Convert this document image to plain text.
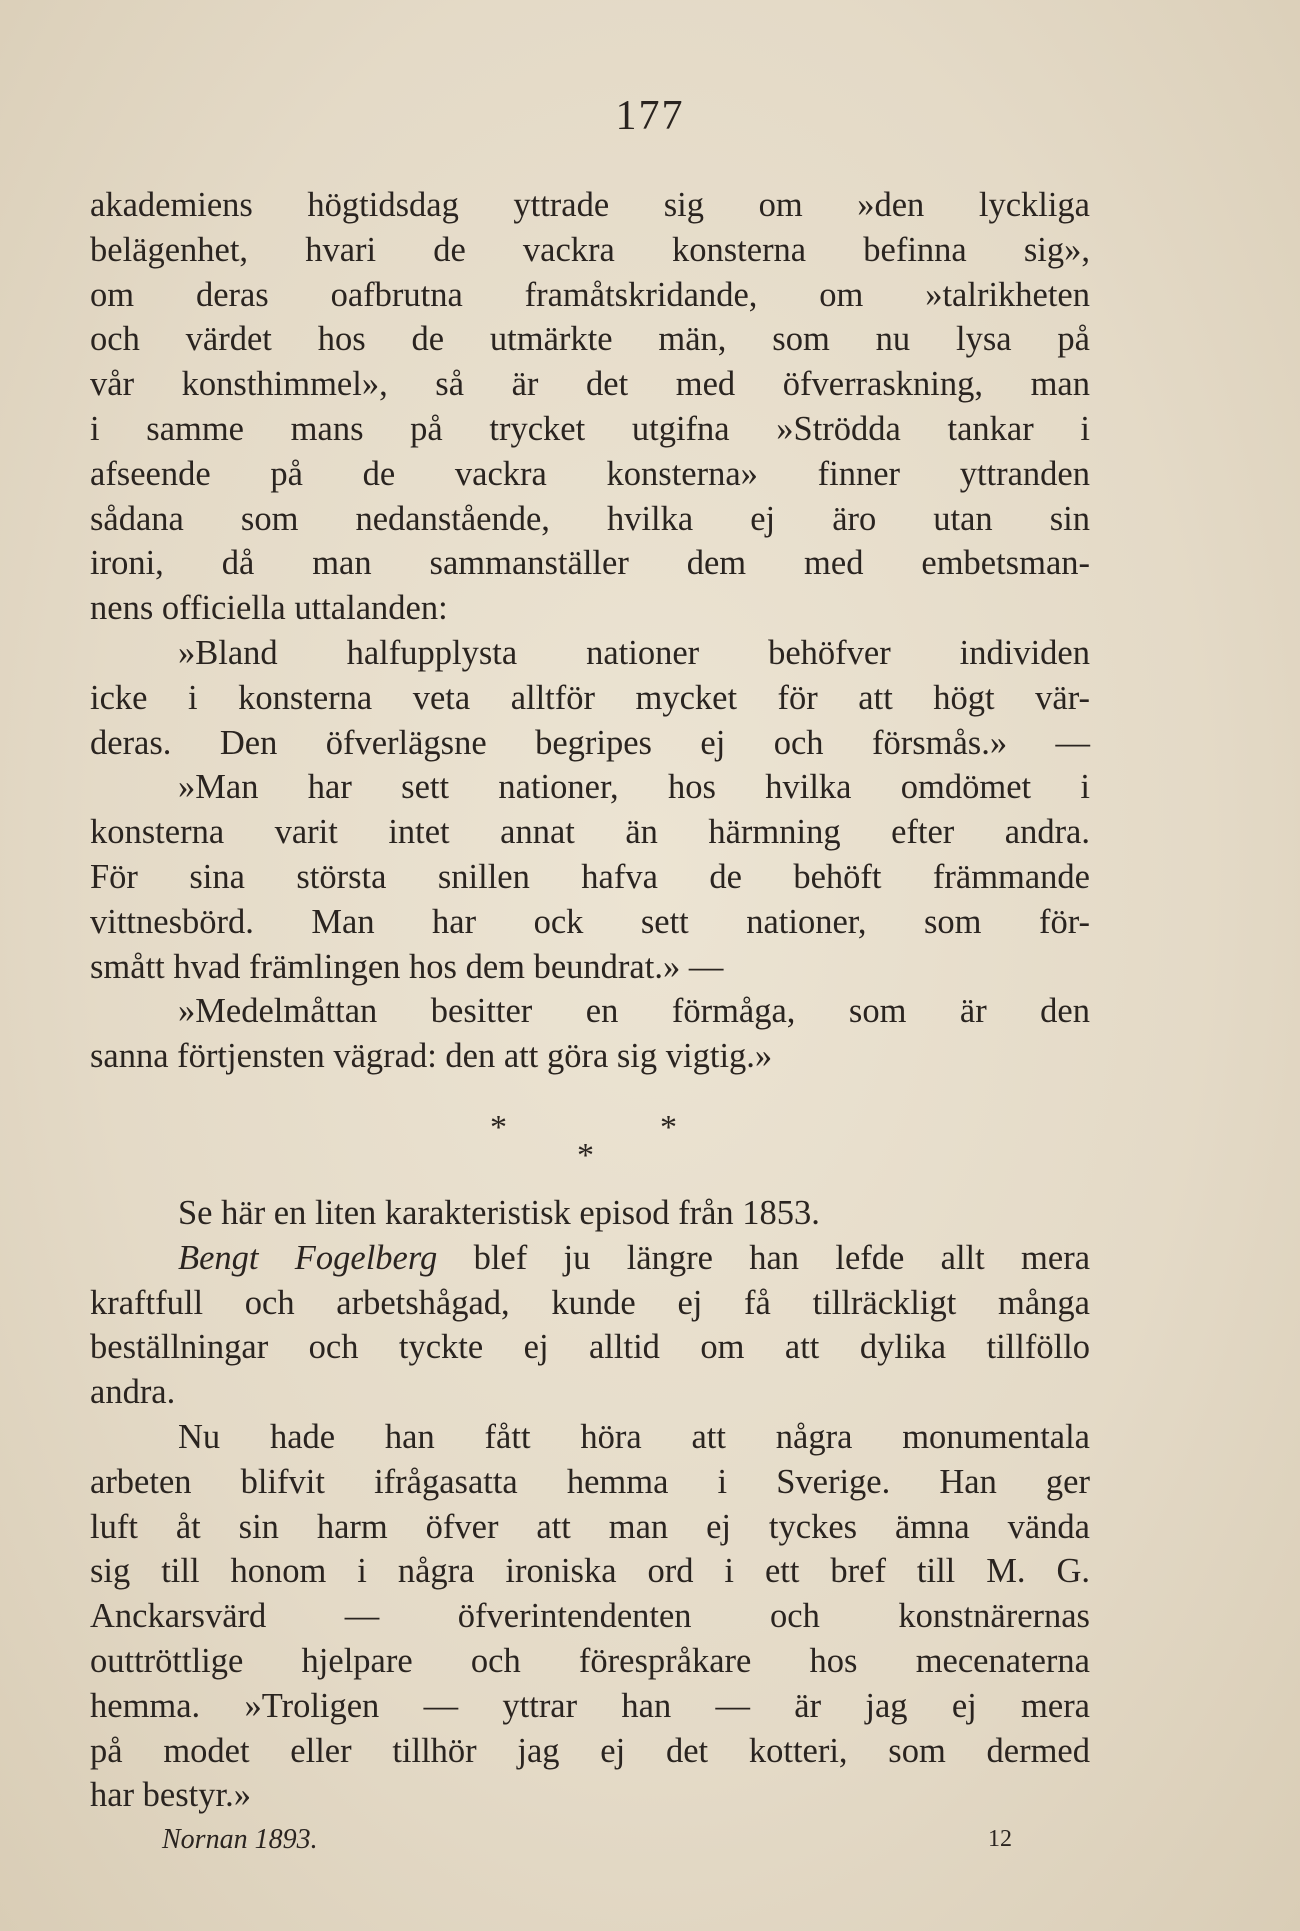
177
akademiens högtidsdag yttrade sig om »den lyckliga
belägenhet, hvari de vackra konsterna befinna sig»,
om deras oafbrutna framåtskridande, om »talrikheten
och värdet hos de utmärkte män, som nu lysa på
vår konsthimmel», så är det med öfverraskning, man
i samme mans på trycket utgifna »Strödda tankar i
afseende på de vackra konsterna» finner yttranden
sådana som nedanstående, hvilka ej äro utan sin
ironi, då man sammanställer dem med embetsman-
nens officiella uttalanden:
»Bland halfupplysta nationer behöfver individen
icke i konsterna veta alltför mycket för att högt vär-
deras. Den öfverlägsne begripes ej och försmås.» —
»Man har sett nationer, hos hvilka omdömet i
konsterna varit intet annat än härmning efter andra.
För sina största snillen hafva de behöft främmande
vittnesbörd. Man har ock sett nationer, som för-
smått hvad främlingen hos dem beundrat.» —
»Medelmåttan besitter en förmåga, som är den
sanna förtjensten vägrad: den att göra sig vigtig.»
*	*
*
Se här en liten karakteristisk episod från 1853.
Bengt Fogelberg blef ju längre han lefde allt mera
kraftfull och arbetshågad, kunde ej få tillräckligt många
beställningar och tyckte ej alltid om att dylika tillföllo
andra.
Nu hade han fått höra att några monumentala
arbeten blifvit ifrågasatta hemma i Sverige. Han ger
luft åt sin harm öfver att man ej tyckes ämna vända
sig till honom i några ironiska ord i ett bref till M. G.
Anckarsvärd — öfverintendenten och konstnärernas
outtröttlige hjelpare och förespråkare hos mecenaterna
hemma. »Troligen — yttrar han — är jag ej mera
på modet eller tillhör jag ej det kotteri, som dermed
har bestyr.»
Nornan 1893.	12
